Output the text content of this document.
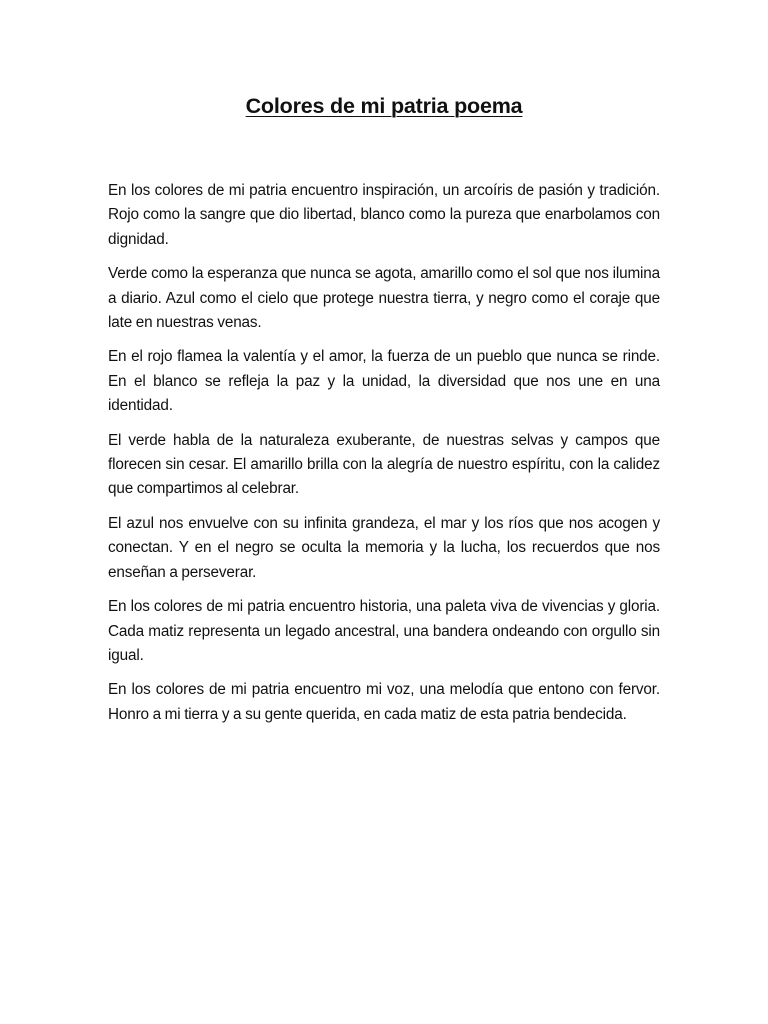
Colores de mi patria poema

En los colores de mi patria encuentro inspiración, un arcoíris de pasión y tradición. Rojo como la sangre que dio libertad, blanco como la pureza que enarbolamos con dignidad.

Verde como la esperanza que nunca se agota, amarillo como el sol que nos ilumina a diario. Azul como el cielo que protege nuestra tierra, y negro como el coraje que late en nuestras venas.

En el rojo flamea la valentía y el amor, la fuerza de un pueblo que nunca se rinde. En el blanco se refleja la paz y la unidad, la diversidad que nos une en una identidad.

El verde habla de la naturaleza exuberante, de nuestras selvas y campos que florecen sin cesar. El amarillo brilla con la alegría de nuestro espíritu, con la calidez que compartimos al celebrar.

El azul nos envuelve con su infinita grandeza, el mar y los ríos que nos acogen y conectan. Y en el negro se oculta la memoria y la lucha, los recuerdos que nos enseñan a perseverar.

En los colores de mi patria encuentro historia, una paleta viva de vivencias y gloria. Cada matiz representa un legado ancestral, una bandera ondeando con orgullo sin igual.

En los colores de mi patria encuentro mi voz, una melodía que entono con fervor. Honro a mi tierra y a su gente querida, en cada matiz de esta patria bendecida.
